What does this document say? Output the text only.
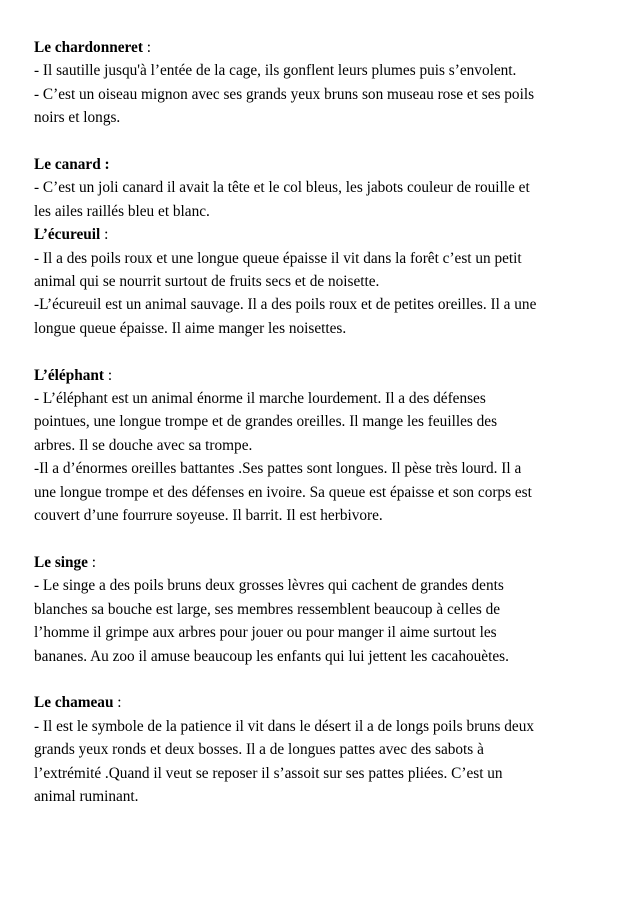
Le chardonneret :
- Il sautille jusqu'à l’entée de la cage, ils gonflent leurs plumes puis s’envolent.
- C’est un oiseau mignon avec ses grands yeux bruns son museau rose et ses poils
noirs et longs.
Le canard :
- C’est un joli canard il avait la tête et le col bleus, les jabots couleur de rouille et
les ailes raillés bleu et blanc.
L’écureuil :
- Il a des poils roux et une longue queue épaisse il vit dans la forêt c’est un petit
animal qui se nourrit surtout de fruits secs et de noisette.
-L’écureuil est un animal sauvage. Il a des poils roux et de petites oreilles. Il a une
longue queue épaisse. Il aime manger les noisettes.
L’éléphant :
- L’éléphant est un animal énorme il marche lourdement. Il a des défenses
pointues, une longue trompe et de grandes oreilles. Il mange les feuilles des
arbres. Il se douche avec sa trompe.
-Il a d’énormes oreilles battantes .Ses pattes sont longues. Il pèse très lourd. Il a
une longue trompe et des défenses en ivoire. Sa queue est épaisse et son corps est
couvert d’une fourrure soyeuse. Il barrit. Il est herbivore.
Le singe :
- Le singe a des poils bruns deux grosses lèvres qui cachent de grandes dents
blanches sa bouche est large, ses membres ressemblent beaucoup à celles de
l’homme il grimpe aux arbres pour jouer ou pour manger il aime surtout les
bananes. Au zoo il amuse beaucoup les enfants qui lui jettent les cacahouètes.
Le chameau :
- Il est le symbole de la patience il vit dans le désert il a de longs poils bruns deux
grands yeux ronds et deux bosses. Il a de longues pattes avec des sabots à
l’extrémité .Quand il veut se reposer il s’assoit sur ses pattes pliées. C’est un
animal ruminant.
